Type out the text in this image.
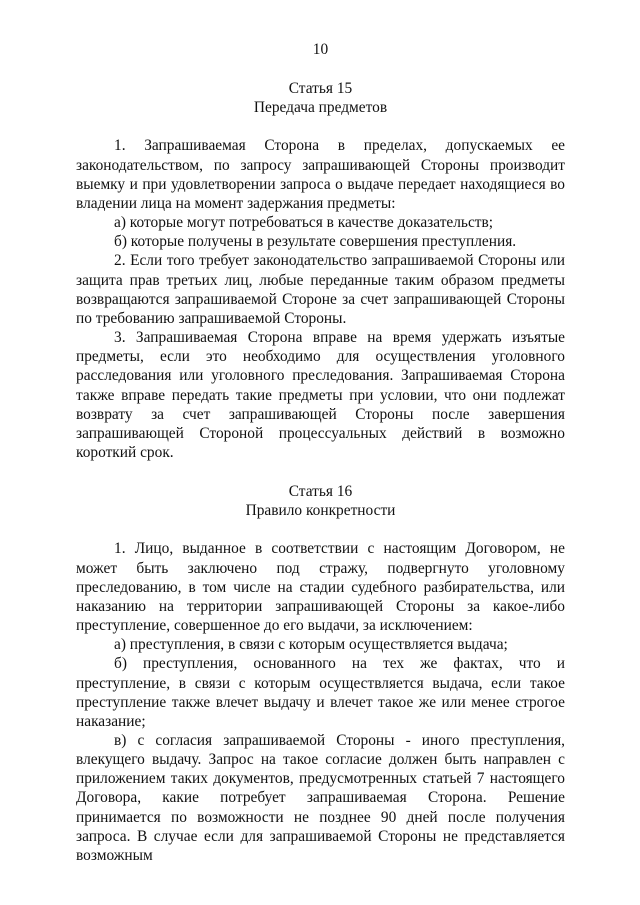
10

Статья 15

Передача предметов

1. Запрашиваемая Сторона в пределах, допускаемых ее законодательством, по запросу запрашивающей Стороны производит выемку и при удовлетворении запроса о выдаче передает находящиеся во владении лица на момент задержания предметы:

а) которые могут потребоваться в качестве доказательств;

б) которые получены в результате совершения преступления.

2. Если того требует законодательство запрашиваемой Стороны или защита прав третьих лиц, любые переданные таким образом предметы возвращаются запрашиваемой Стороне за счет запрашивающей Стороны по требованию запрашиваемой Стороны.

3. Запрашиваемая Сторона вправе на время удержать изъятые предметы, если это необходимо для осуществления уголовного расследования или уголовного преследования. Запрашиваемая Сторона также вправе передать такие предметы при условии, что они подлежат возврату за счет запрашивающей Стороны после завершения запрашивающей Стороной процессуальных действий в возможно короткий срок.

Статья 16

Правило конкретности

1. Лицо, выданное в соответствии с настоящим Договором, не может быть заключено под стражу, подвергнуто уголовному преследованию, в том числе на стадии судебного разбирательства, или наказанию на территории запрашивающей Стороны за какое-либо преступление, совершенное до его выдачи, за исключением:

а) преступления, в связи с которым осуществляется выдача;

б) преступления, основанного на тех же фактах, что и преступление, в связи с которым осуществляется выдача, если такое преступление также влечет выдачу и влечет такое же или менее строгое наказание;

в) с согласия запрашиваемой Стороны - иного преступления, влекущего выдачу. Запрос на такое согласие должен быть направлен с приложением таких документов, предусмотренных статьей 7 настоящего Договора, какие потребует запрашиваемая Сторона. Решение принимается по возможности не позднее 90 дней после получения запроса. В случае если для запрашиваемой Стороны не представляется возможным
